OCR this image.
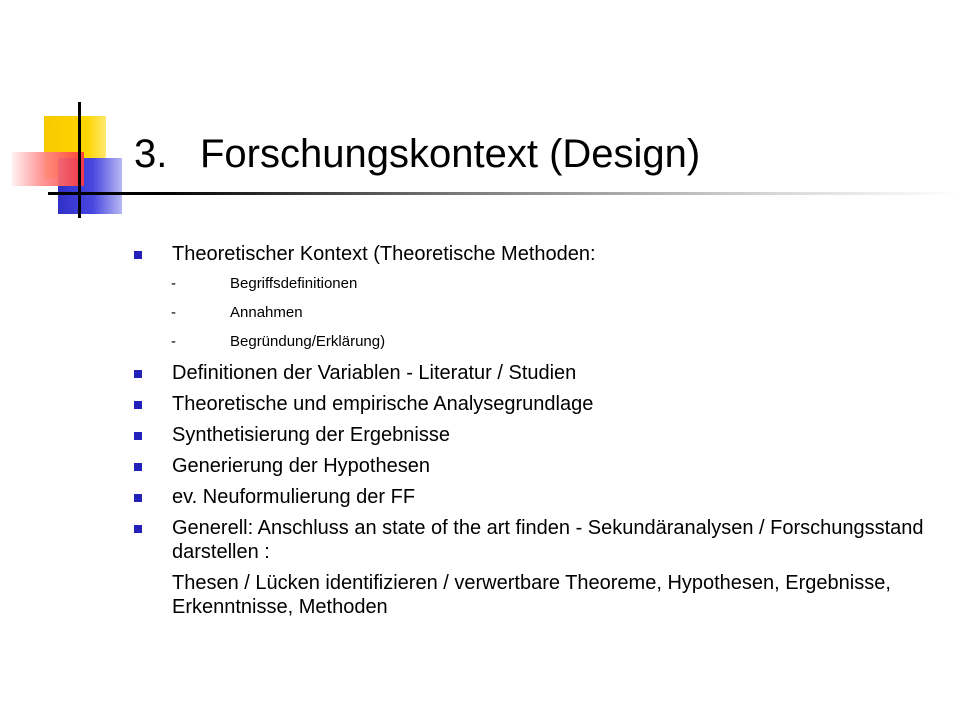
3. Forschungskontext (Design)
Theoretischer Kontext (Theoretische Methoden:
-	Begriffsdefinitionen
-	Annahmen
-	Begründung/Erklärung)
Definitionen der Variablen - Literatur / Studien
Theoretische und empirische Analysegrundlage
Synthetisierung der Ergebnisse
Generierung der Hypothesen
ev. Neuformulierung der FF
Generell: Anschluss an state of the art finden - Sekundäranalysen / Forschungsstand darstellen :
Thesen / Lücken identifizieren / verwertbare Theoreme, Hypothesen, Ergebnisse, Erkenntnisse, Methoden
